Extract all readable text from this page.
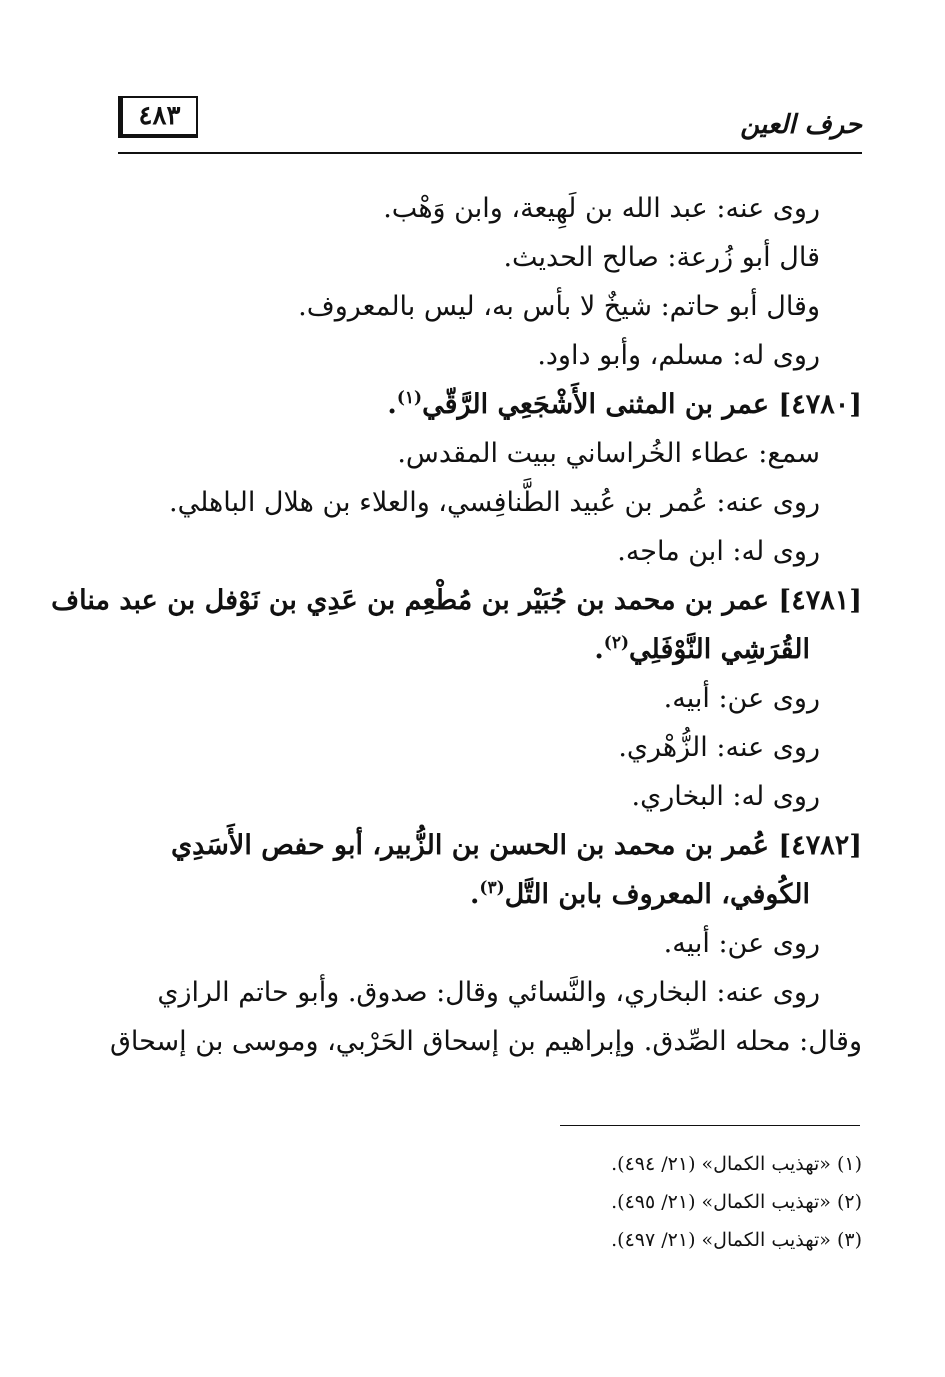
٤٨٣	حرف العين
روى عنه: عبد الله بن لَهِيعة، وابن وَهْب.
قال أبو زُرعة: صالح الحديث.
وقال أبو حاتم: شيخٌ لا بأس به، ليس بالمعروف.
روى له: مسلم، وأبو داود.
[٤٧٨٠] عمر بن المثنى الأَشْجَعِي الرَّقّي$^{(١)}$.
سمع: عطاء الخُراساني ببيت المقدس.
روى عنه: عُمر بن عُبيد الطَّنافِسي، والعلاء بن هلال الباهلي.
روى له: ابن ماجه.
[٤٧٨١] عمر بن محمد بن جُبَيْر بن مُطْعِم بن عَدِي بن نَوْفل بن عبد مناف
القُرَشِي النَّوْفَلِي$^{(٢)}$.
روى عن: أبيه.
روى عنه: الزُّهْري.
روى له: البخاري.
[٤٧٨٢] عُمر بن محمد بن الحسن بن الزُّبير، أبو حفص الأَسَدِي
الكُوفي، المعروف بابن التَّل$^{(٣)}$.
روى عن: أبيه.
روى عنه: البخاري، والنَّسائي وقال: صدوق. وأبو حاتم الرازي
وقال: محله الصِّدق. وإبراهيم بن إسحاق الحَرْبي، وموسى بن إسحاق
(١) «تهذيب الكمال» (٢١/ ٤٩٤).
(٢) «تهذيب الكمال» (٢١/ ٤٩٥).
(٣) «تهذيب الكمال» (٢١/ ٤٩٧).
